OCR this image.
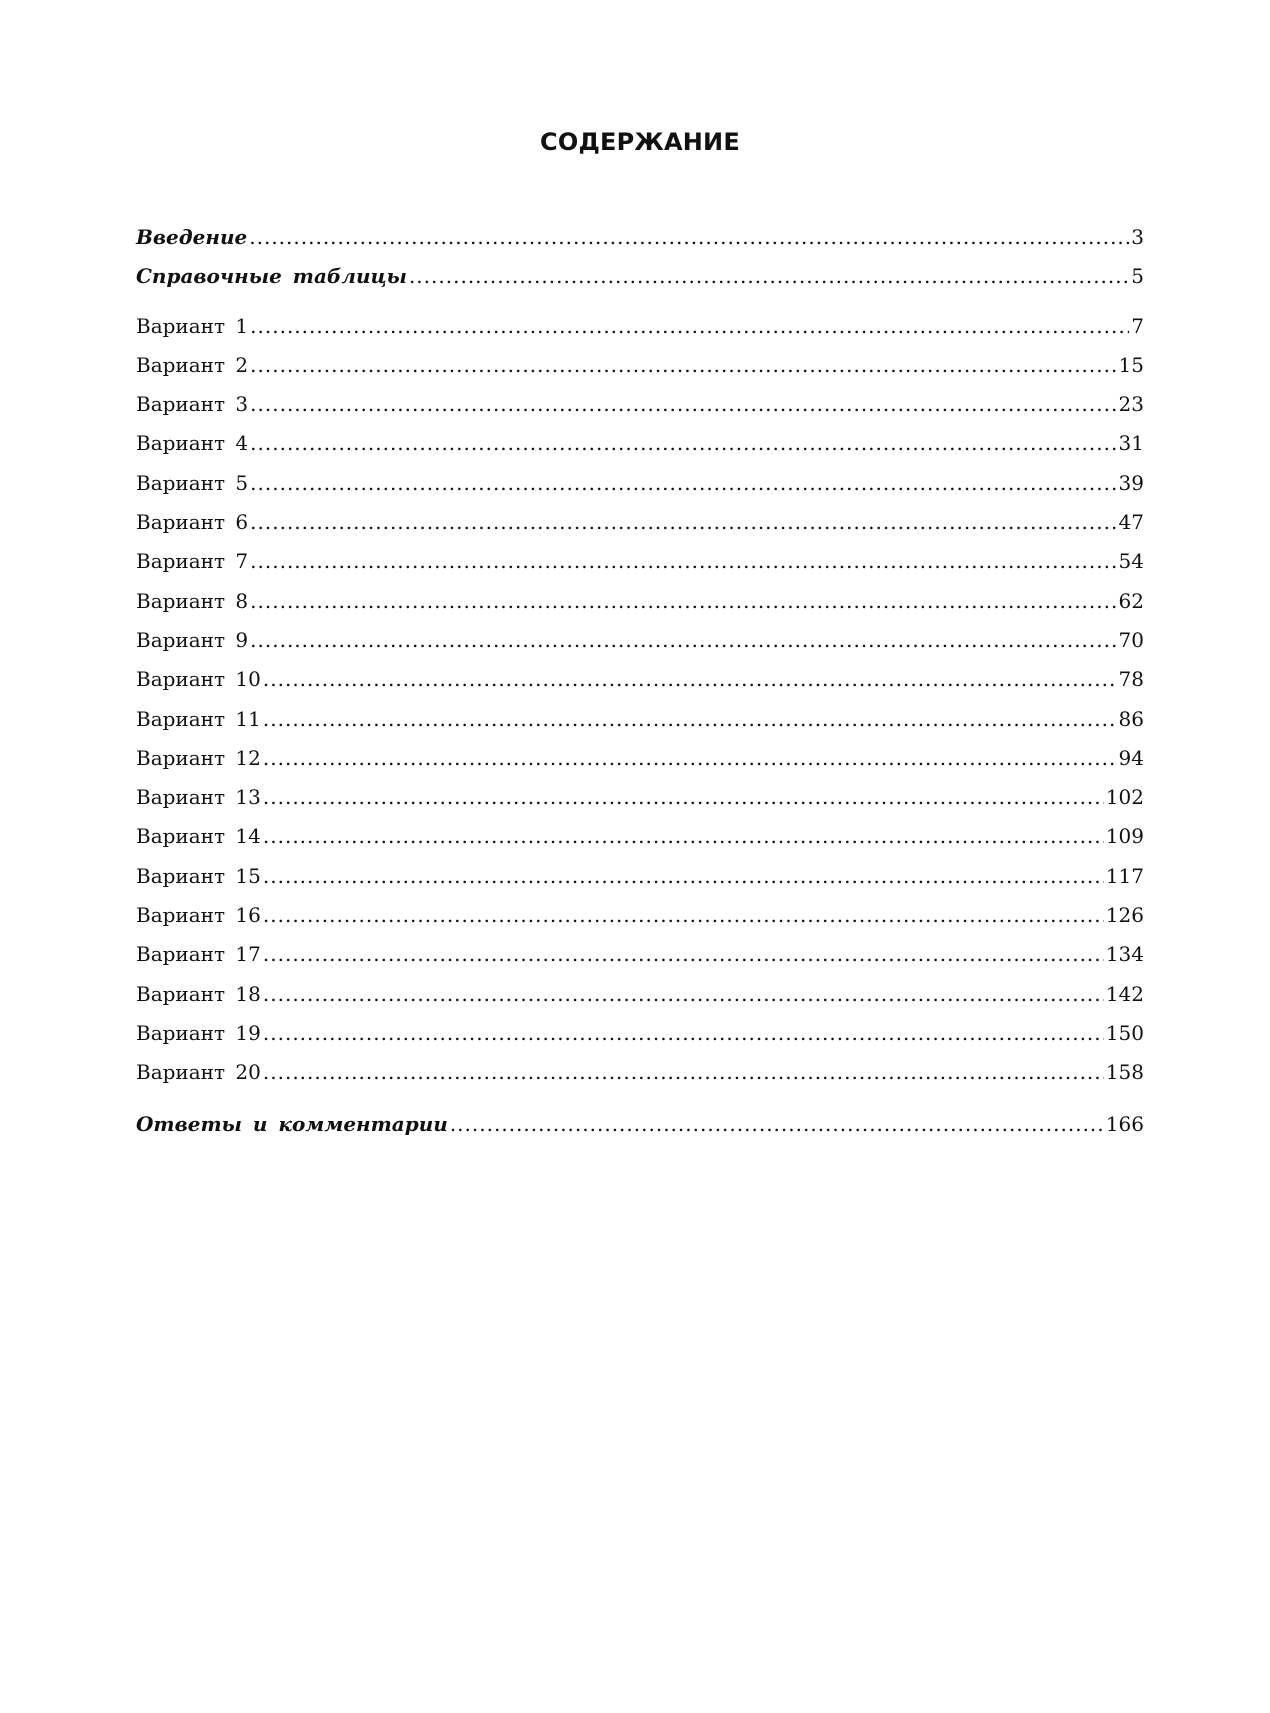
СОДЕРЖАНИЕ
Введение .....	3
Справочные таблицы .....	5
Вариант 1 .....	7
Вариант 2 .....	15
Вариант 3 .....	23
Вариант 4 .....	31
Вариант 5 .....	39
Вариант 6 .....	47
Вариант 7 .....	54
Вариант 8 .....	62
Вариант 9 .....	70
Вариант 10 .....	78
Вариант 11 .....	86
Вариант 12 .....	94
Вариант 13 .....	102
Вариант 14 .....	109
Вариант 15 .....	117
Вариант 16 .....	126
Вариант 17 .....	134
Вариант 18 .....	142
Вариант 19 .....	150
Вариант 20 .....	158
Ответы и комментарии .....	166
